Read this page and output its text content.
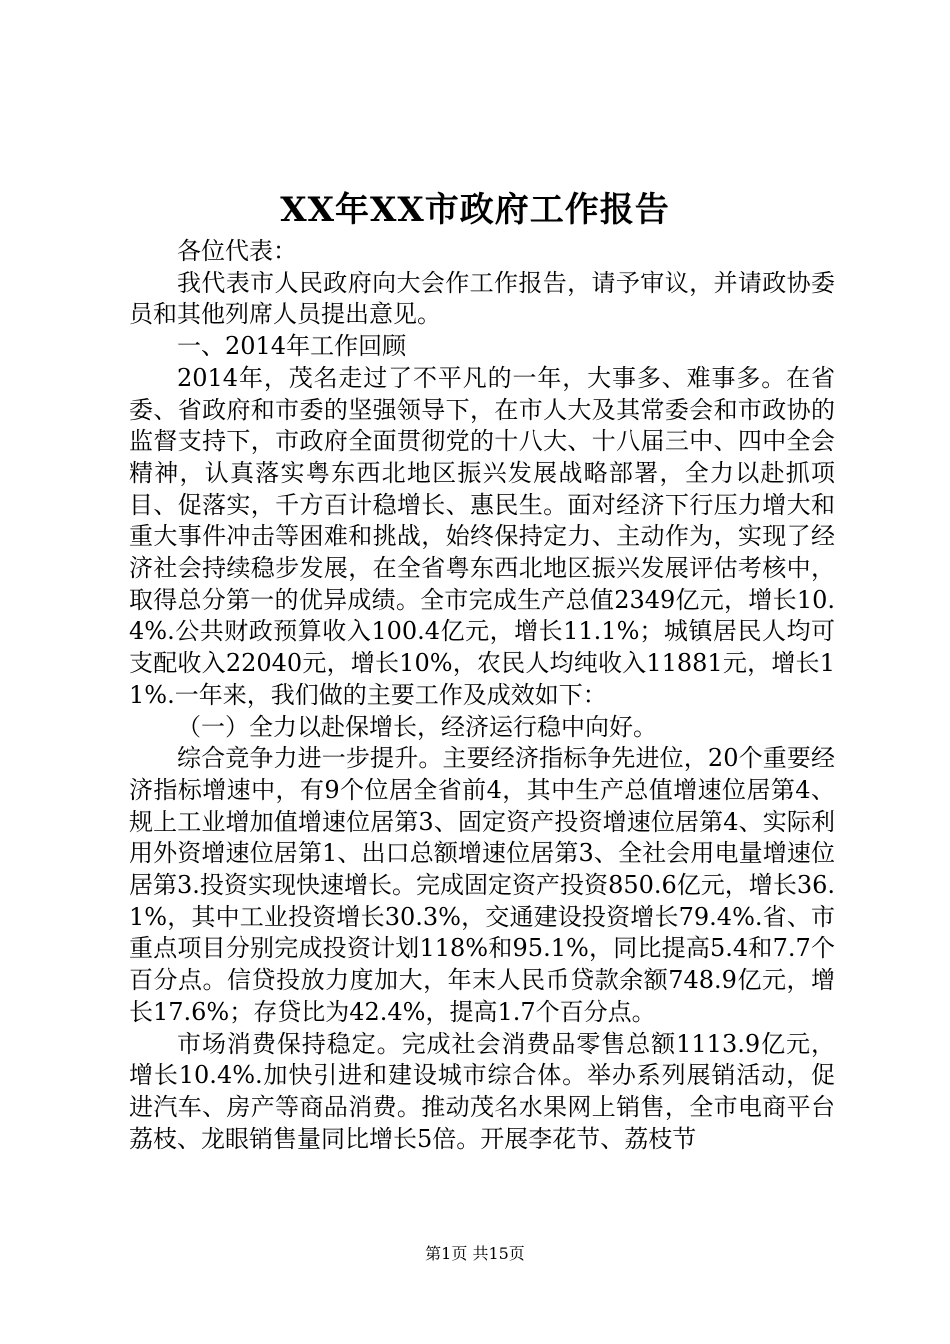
XX年XX市政府工作报告

各位代表：

我代表市人民政府向大会作工作报告，请予审议，并请政协委员和其他列席人员提出意见。

一、2014年工作回顾

2014年，茂名走过了不平凡的一年，大事多、难事多。在省委、省政府和市委的坚强领导下，在市人大及其常委会和市政协的监督支持下，市政府全面贯彻党的十八大、十八届三中、四中全会精神，认真落实粤东西北地区振兴发展战略部署，全力以赴抓项目、促落实，千方百计稳增长、惠民生。面对经济下行压力增大和重大事件冲击等困难和挑战，始终保持定力、主动作为，实现了经济社会持续稳步发展，在全省粤东西北地区振兴发展评估考核中，取得总分第一的优异成绩。全市完成生产总值2349亿元，增长10.4%.公共财政预算收入100.4亿元，增长11.1%；城镇居民人均可支配收入22040元，增长10%，农民人均纯收入11881元，增长11%.一年来，我们做的主要工作及成效如下：

（一）全力以赴保增长，经济运行稳中向好。

综合竞争力进一步提升。主要经济指标争先进位，20个重要经济指标增速中，有9个位居全省前4，其中生产总值增速位居第4、规上工业增加值增速位居第3、固定资产投资增速位居第4、实际利用外资增速位居第1、出口总额增速位居第3、全社会用电量增速位居第3.投资实现快速增长。完成固定资产投资850.6亿元，增长36.1%，其中工业投资增长30.3%，交通建设投资增长79.4%.省、市重点项目分别完成投资计划118%和95.1%，同比提高5.4和7.7个百分点。信贷投放力度加大，年末人民币贷款余额748.9亿元，增长17.6%；存贷比为42.4%，提高1.7个百分点。

市场消费保持稳定。完成社会消费品零售总额1113.9亿元，增长10.4%.加快引进和建设城市综合体。举办系列展销活动，促进汽车、房产等商品消费。推动茂名水果网上销售，全市电商平台荔枝、龙眼销售量同比增长5倍。开展李花节、荔枝节

第1页 共15页
